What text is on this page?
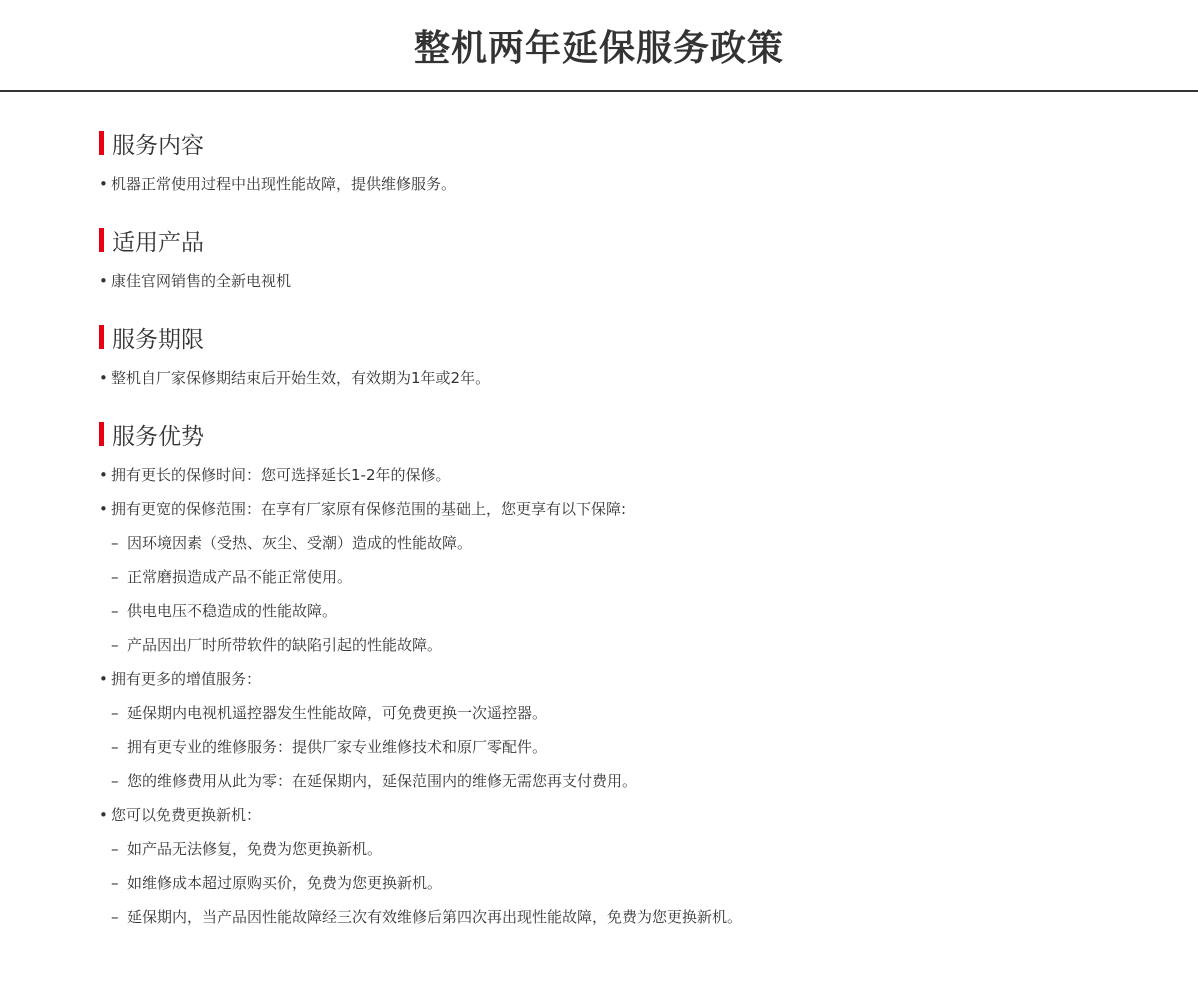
整机两年延保服务政策
服务内容
• 机器正常使用过程中出现性能故障，提供维修服务。
适用产品
• 康佳官网销售的全新电视机
服务期限
• 整机自厂家保修期结束后开始生效，有效期为1年或2年。
服务优势
• 拥有更长的保修时间：您可选择延长1-2年的保修。
• 拥有更宽的保修范围：在享有厂家原有保修范围的基础上，您更享有以下保障:
– 因环境因素（受热、灰尘、受潮）造成的性能故障。
– 正常磨损造成产品不能正常使用。
– 供电电压不稳造成的性能故障。
– 产品因出厂时所带软件的缺陷引起的性能故障。
• 拥有更多的增值服务：
– 延保期内电视机遥控器发生性能故障，可免费更换一次遥控器。
– 拥有更专业的维修服务：提供厂家专业维修技术和原厂零配件。
– 您的维修费用从此为零：在延保期内，延保范围内的维修无需您再支付费用。
• 您可以免费更换新机：
– 如产品无法修复，免费为您更换新机。
– 如维修成本超过原购买价，免费为您更换新机。
– 延保期内，当产品因性能故障经三次有效维修后第四次再出现性能故障，免费为您更换新机。
